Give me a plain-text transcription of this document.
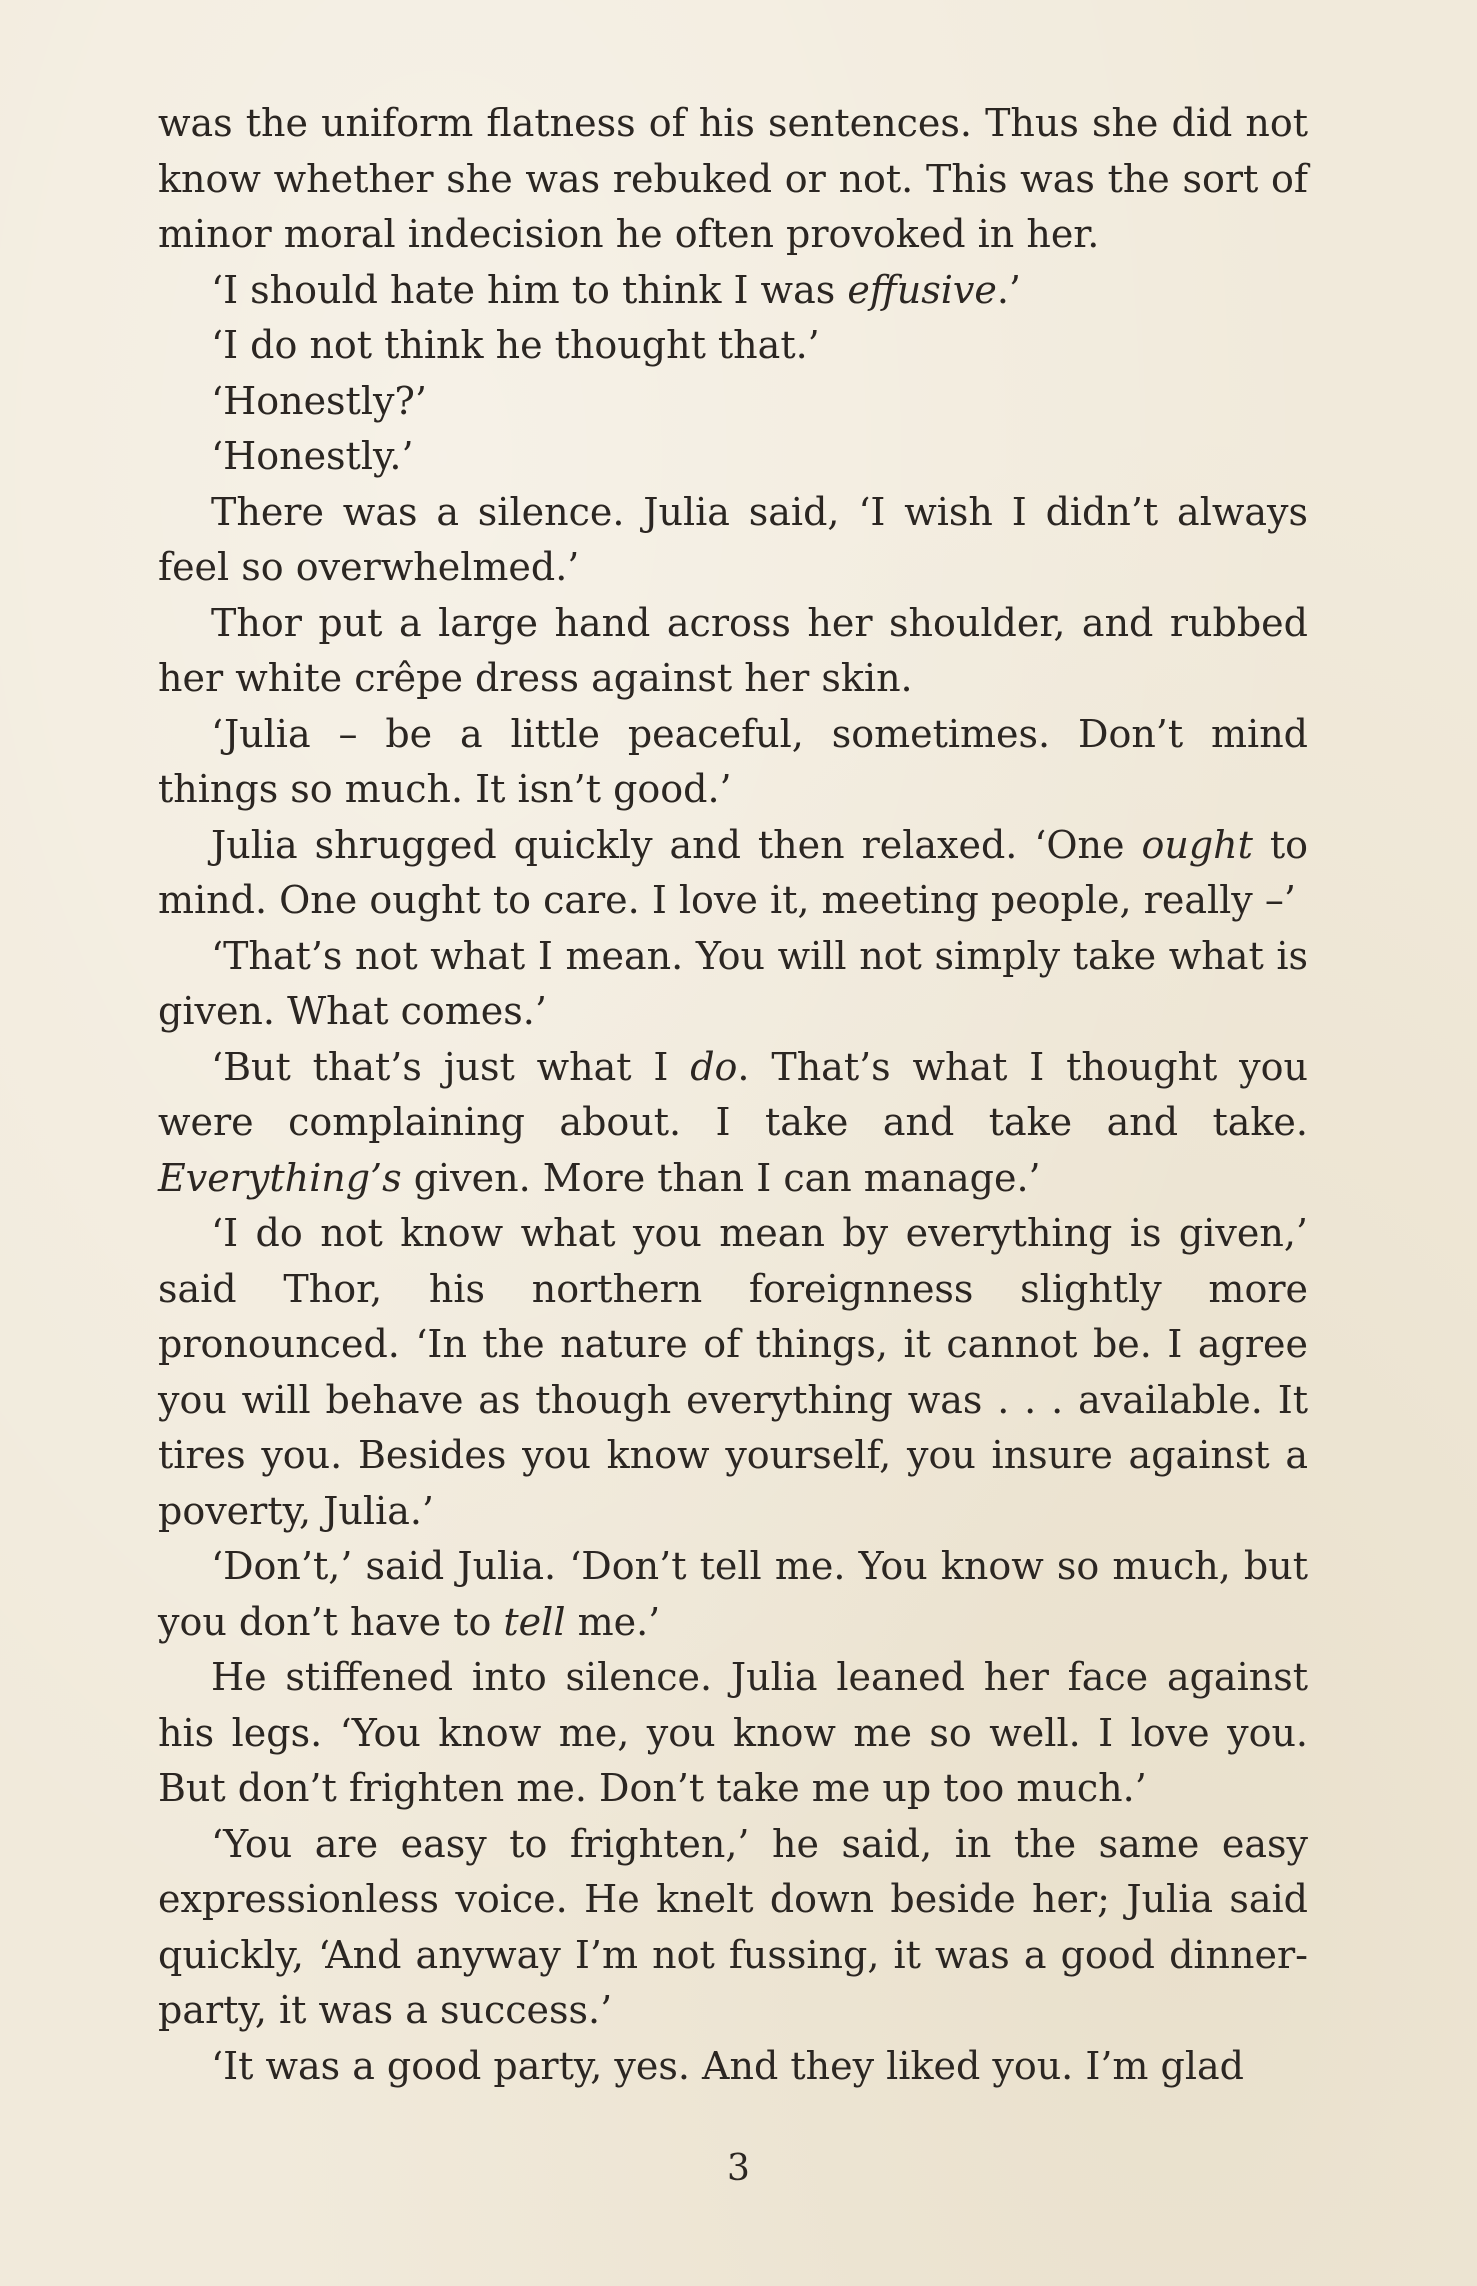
was the uniform flatness of his sentences. Thus she did not know whether she was rebuked or not. This was the sort of minor moral indecision he often provoked in her.

‘I should hate him to think I was effusive.’

‘I do not think he thought that.’

‘Honestly?’

‘Honestly.’

There was a silence. Julia said, ‘I wish I didn’t always feel so overwhelmed.’

Thor put a large hand across her shoulder, and rubbed her white crêpe dress against her skin.

‘Julia – be a little peaceful, sometimes. Don’t mind things so much. It isn’t good.’

Julia shrugged quickly and then relaxed. ‘One ought to mind. One ought to care. I love it, meeting people, really –’

‘That’s not what I mean. You will not simply take what is given. What comes.’

‘But that’s just what I do. That’s what I thought you were complaining about. I take and take and take. Everything’s given. More than I can manage.’

‘I do not know what you mean by everything is given,’ said Thor, his northern foreignness slightly more pronounced. ‘In the nature of things, it cannot be. I agree you will behave as though everything was . . . available. It tires you. Besides you know yourself, you insure against a poverty, Julia.’

‘Don’t,’ said Julia. ‘Don’t tell me. You know so much, but you don’t have to tell me.’

He stiffened into silence. Julia leaned her face against his legs. ‘You know me, you know me so well. I love you. But don’t frighten me. Don’t take me up too much.’

‘You are easy to frighten,’ he said, in the same easy expressionless voice. He knelt down beside her; Julia said quickly, ‘And anyway I’m not fussing, it was a good dinner-party, it was a success.’

‘It was a good party, yes. And they liked you. I’m glad

3
